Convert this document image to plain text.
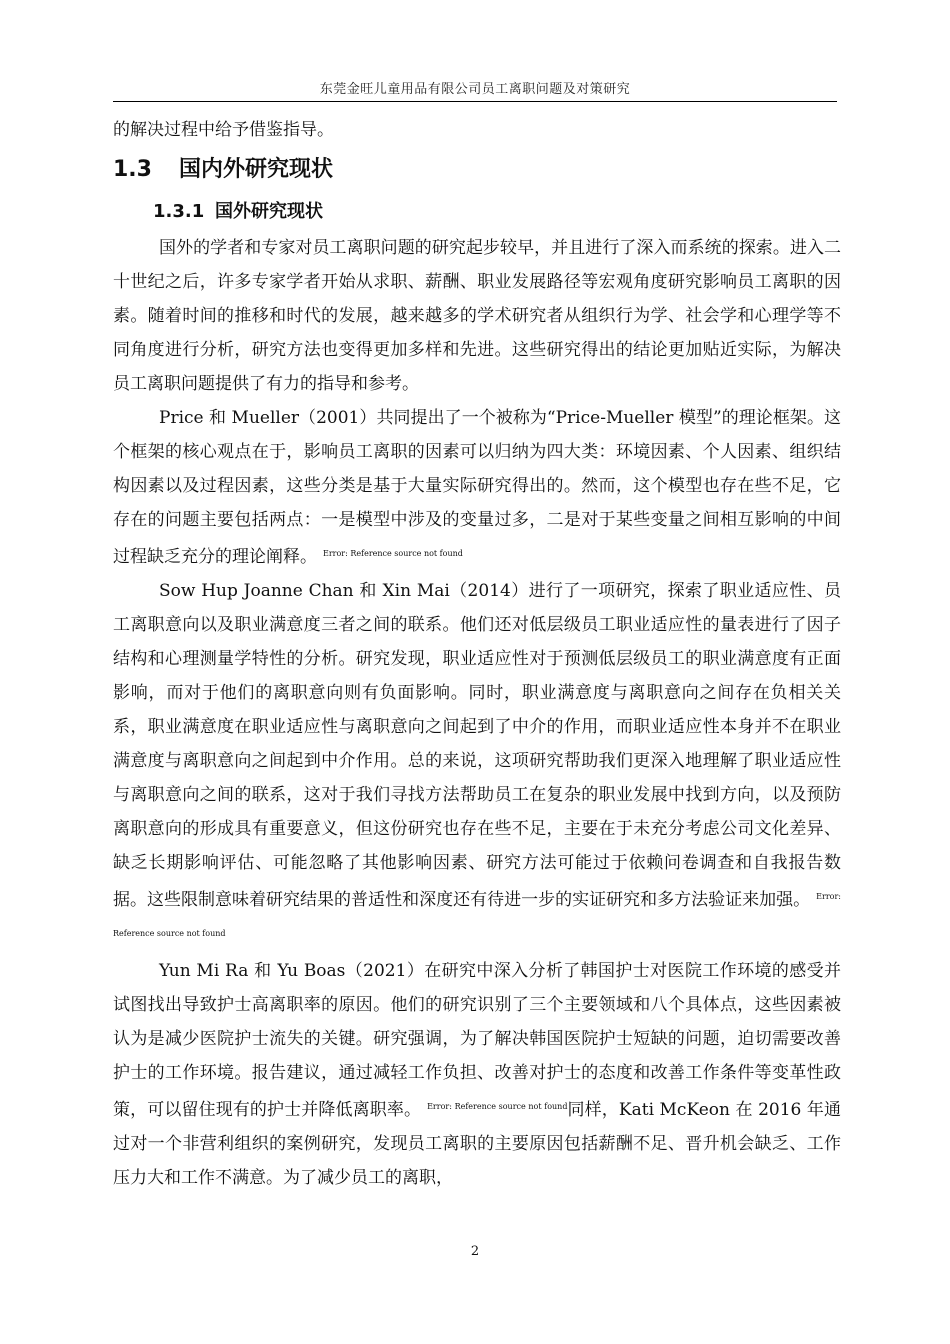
东莞金旺儿童用品有限公司员工离职问题及对策研究

的解决过程中给予借鉴指导。

1.3 国内外研究现状
1.3.1 国外研究现状

国外的学者和专家对员工离职问题的研究起步较早，并且进行了深入而系统的探索。进入二十世纪之后，许多专家学者开始从求职、薪酬、职业发展路径等宏观角度研究影响员工离职的因素。随着时间的推移和时代的发展，越来越多的学术研究者从组织行为学、社会学和心理学等不同角度进行分析，研究方法也变得更加多样和先进。这些研究得出的结论更加贴近实际，为解决员工离职问题提供了有力的指导和参考。

Price 和 Mueller（2001）共同提出了一个被称为“Price-Mueller 模型”的理论框架。这个框架的核心观点在于，影响员工离职的因素可以归纳为四大类：环境因素、个人因素、组织结构因素以及过程因素，这些分类是基于大量实际研究得出的。然而，这个模型也存在些不足，它存在的问题主要包括两点：一是模型中涉及的变量过多，二是对于某些变量之间相互影响的中间过程缺乏充分的理论阐释。 $^{Error: Reference source not found}$

Sow Hup Joanne Chan 和 Xin Mai（2014）进行了一项研究，探索了职业适应性、员工离职意向以及职业满意度三者之间的联系。他们还对低层级员工职业适应性的量表进行了因子结构和心理测量学特性的分析。研究发现，职业适应性对于预测低层级员工的职业满意度有正面影响，而对于他们的离职意向则有负面影响。同时，职业满意度与离职意向之间存在负相关关系，职业满意度在职业适应性与离职意向之间起到了中介的作用，而职业适应性本身并不在职业满意度与离职意向之间起到中介作用。总的来说，这项研究帮助我们更深入地理解了职业适应性与离职意向之间的联系，这对于我们寻找方法帮助员工在复杂的职业发展中找到方向，以及预防离职意向的形成具有重要意义，但这份研究也存在些不足，主要在于未充分考虑公司文化差异、缺乏长期影响评估、可能忽略了其他影响因素、研究方法可能过于依赖问卷调查和自我报告数据。这些限制意味着研究结果的普适性和深度还有待进一步的实证研究和多方法验证来加强。 $^{Error: Reference source not found}$

Yun Mi Ra 和 Yu Boas（2021）在研究中深入分析了韩国护士对医院工作环境的感受并试图找出导致护士高离职率的原因。他们的研究识别了三个主要领域和八个具体点，这些因素被认为是减少医院护士流失的关键。研究强调，为了解决韩国医院护士短缺的问题，迫切需要改善护士的工作环境。报告建议，通过减轻工作负担、改善对护士的态度和改善工作条件等变革性政策，可以留住现有的护士并降低离职率。 $^{Error: Reference source not found}$同样，Kati McKeon 在 2016 年通过对一个非营利组织的案例研究，发现员工离职的主要原因包括薪酬不足、晋升机会缺乏、工作压力大和工作不满意。为了减少员工的离职，

2
